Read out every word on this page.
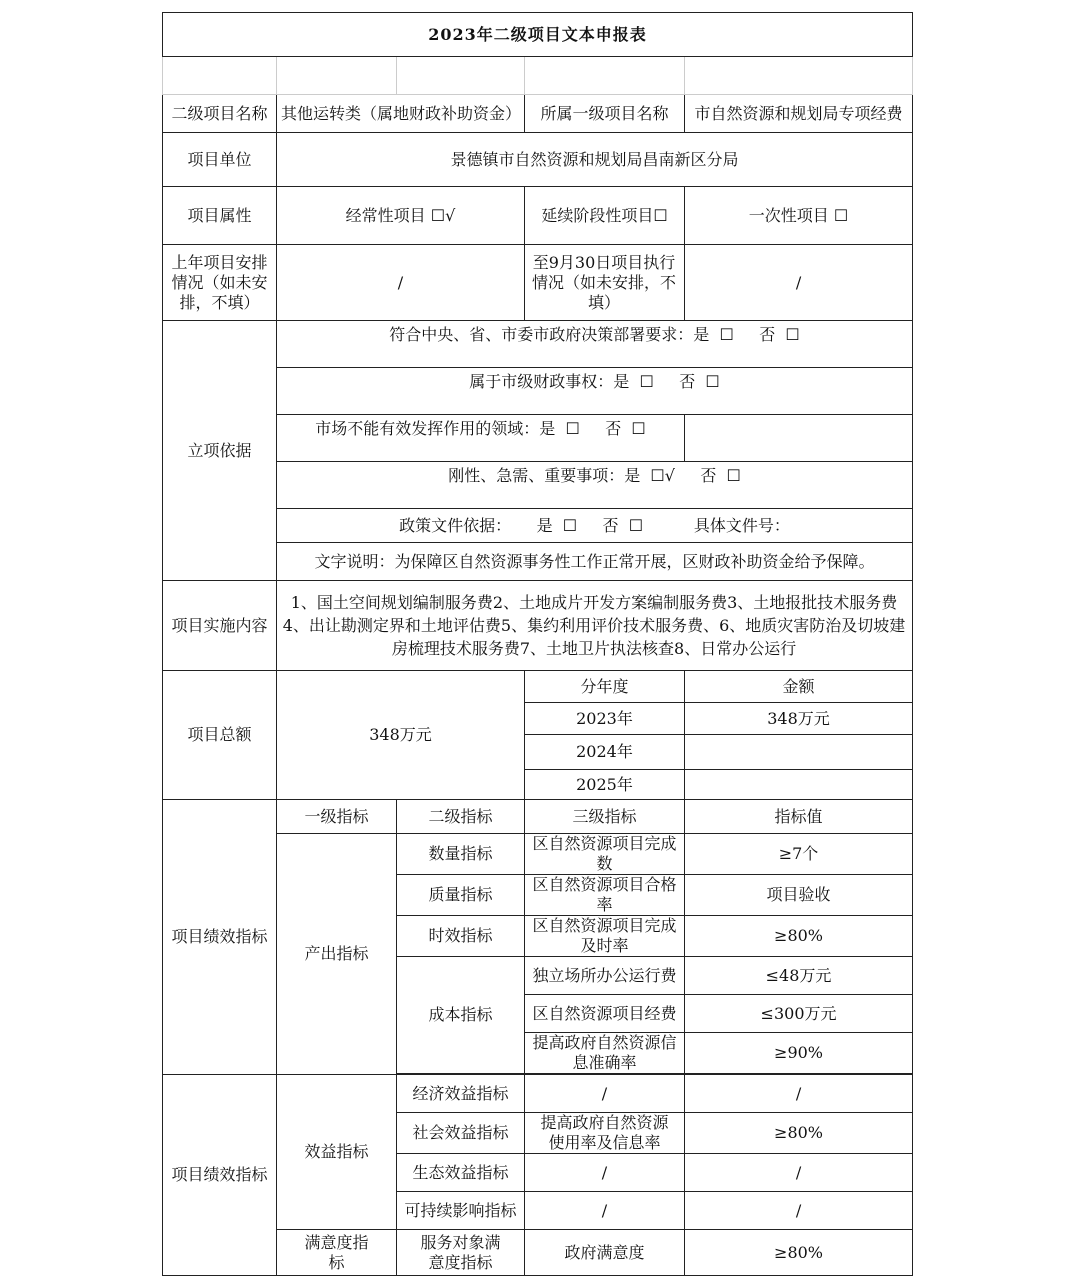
2023年二级项目文本申报表				

二级项目名称	其他运转类（属地财政补助资金）		所属一级项目名称	市自然资源和规划局专项经费
项目单位	景德镇市自然资源和规划局昌南新区分局			
项目属性	经常性项目 ☐√		延续阶段性项目☐	一次性项目 ☐
上年项目安排情况（如未安排，不填）	/		至9月30日项目执行情况（如未安排，不填）	/
立项依据	符合中央、省、市委市政府决策部署要求：是  ☐     否  ☐			
	属于市级财政事权：是  ☐     否  ☐			
	市场不能有效发挥作用的领域：是  ☐     否  ☐			
	刚性、急需、重要事项：是  ☐√     否  ☐			
	政策文件依据：     是  ☐     否  ☐          具体文件号：			
	文字说明：为保障区自然资源事务性工作正常开展，区财政补助资金给予保障。			
项目实施内容	1、国土空间规划编制服务费2、土地成片开发方案编制服务费3、土地报批技术服务费4、出让勘测定界和土地评估费5、集约利用评价技术服务费、6、地质灾害防治及切坡建房梳理技术服务费7、土地卫片执法核查8、日常办公运行			
项目总额	348万元		分年度	金额
			2023年	348万元
			2024年	
			2025年	
项目绩效指标	一级指标	二级指标	三级指标	指标值
	产出指标	数量指标	区自然资源项目完成数	≥7个
		质量指标	区自然资源项目合格率	项目验收
		时效指标	区自然资源项目完成及时率	≥80%
		成本指标	独立场所办公运行费	≤48万元
			区自然资源项目经费	≤300万元
			提高政府自然资源信息准确率	≥90%

项目绩效指标	效益指标	经济效益指标	/	/
		社会效益指标	提高政府自然资源使用率及信息率	≥80%
		生态效益指标	/	/
		可持续影响指标	/	/
	满意度指标	服务对象满意度指标	政府满意度	≥80%
